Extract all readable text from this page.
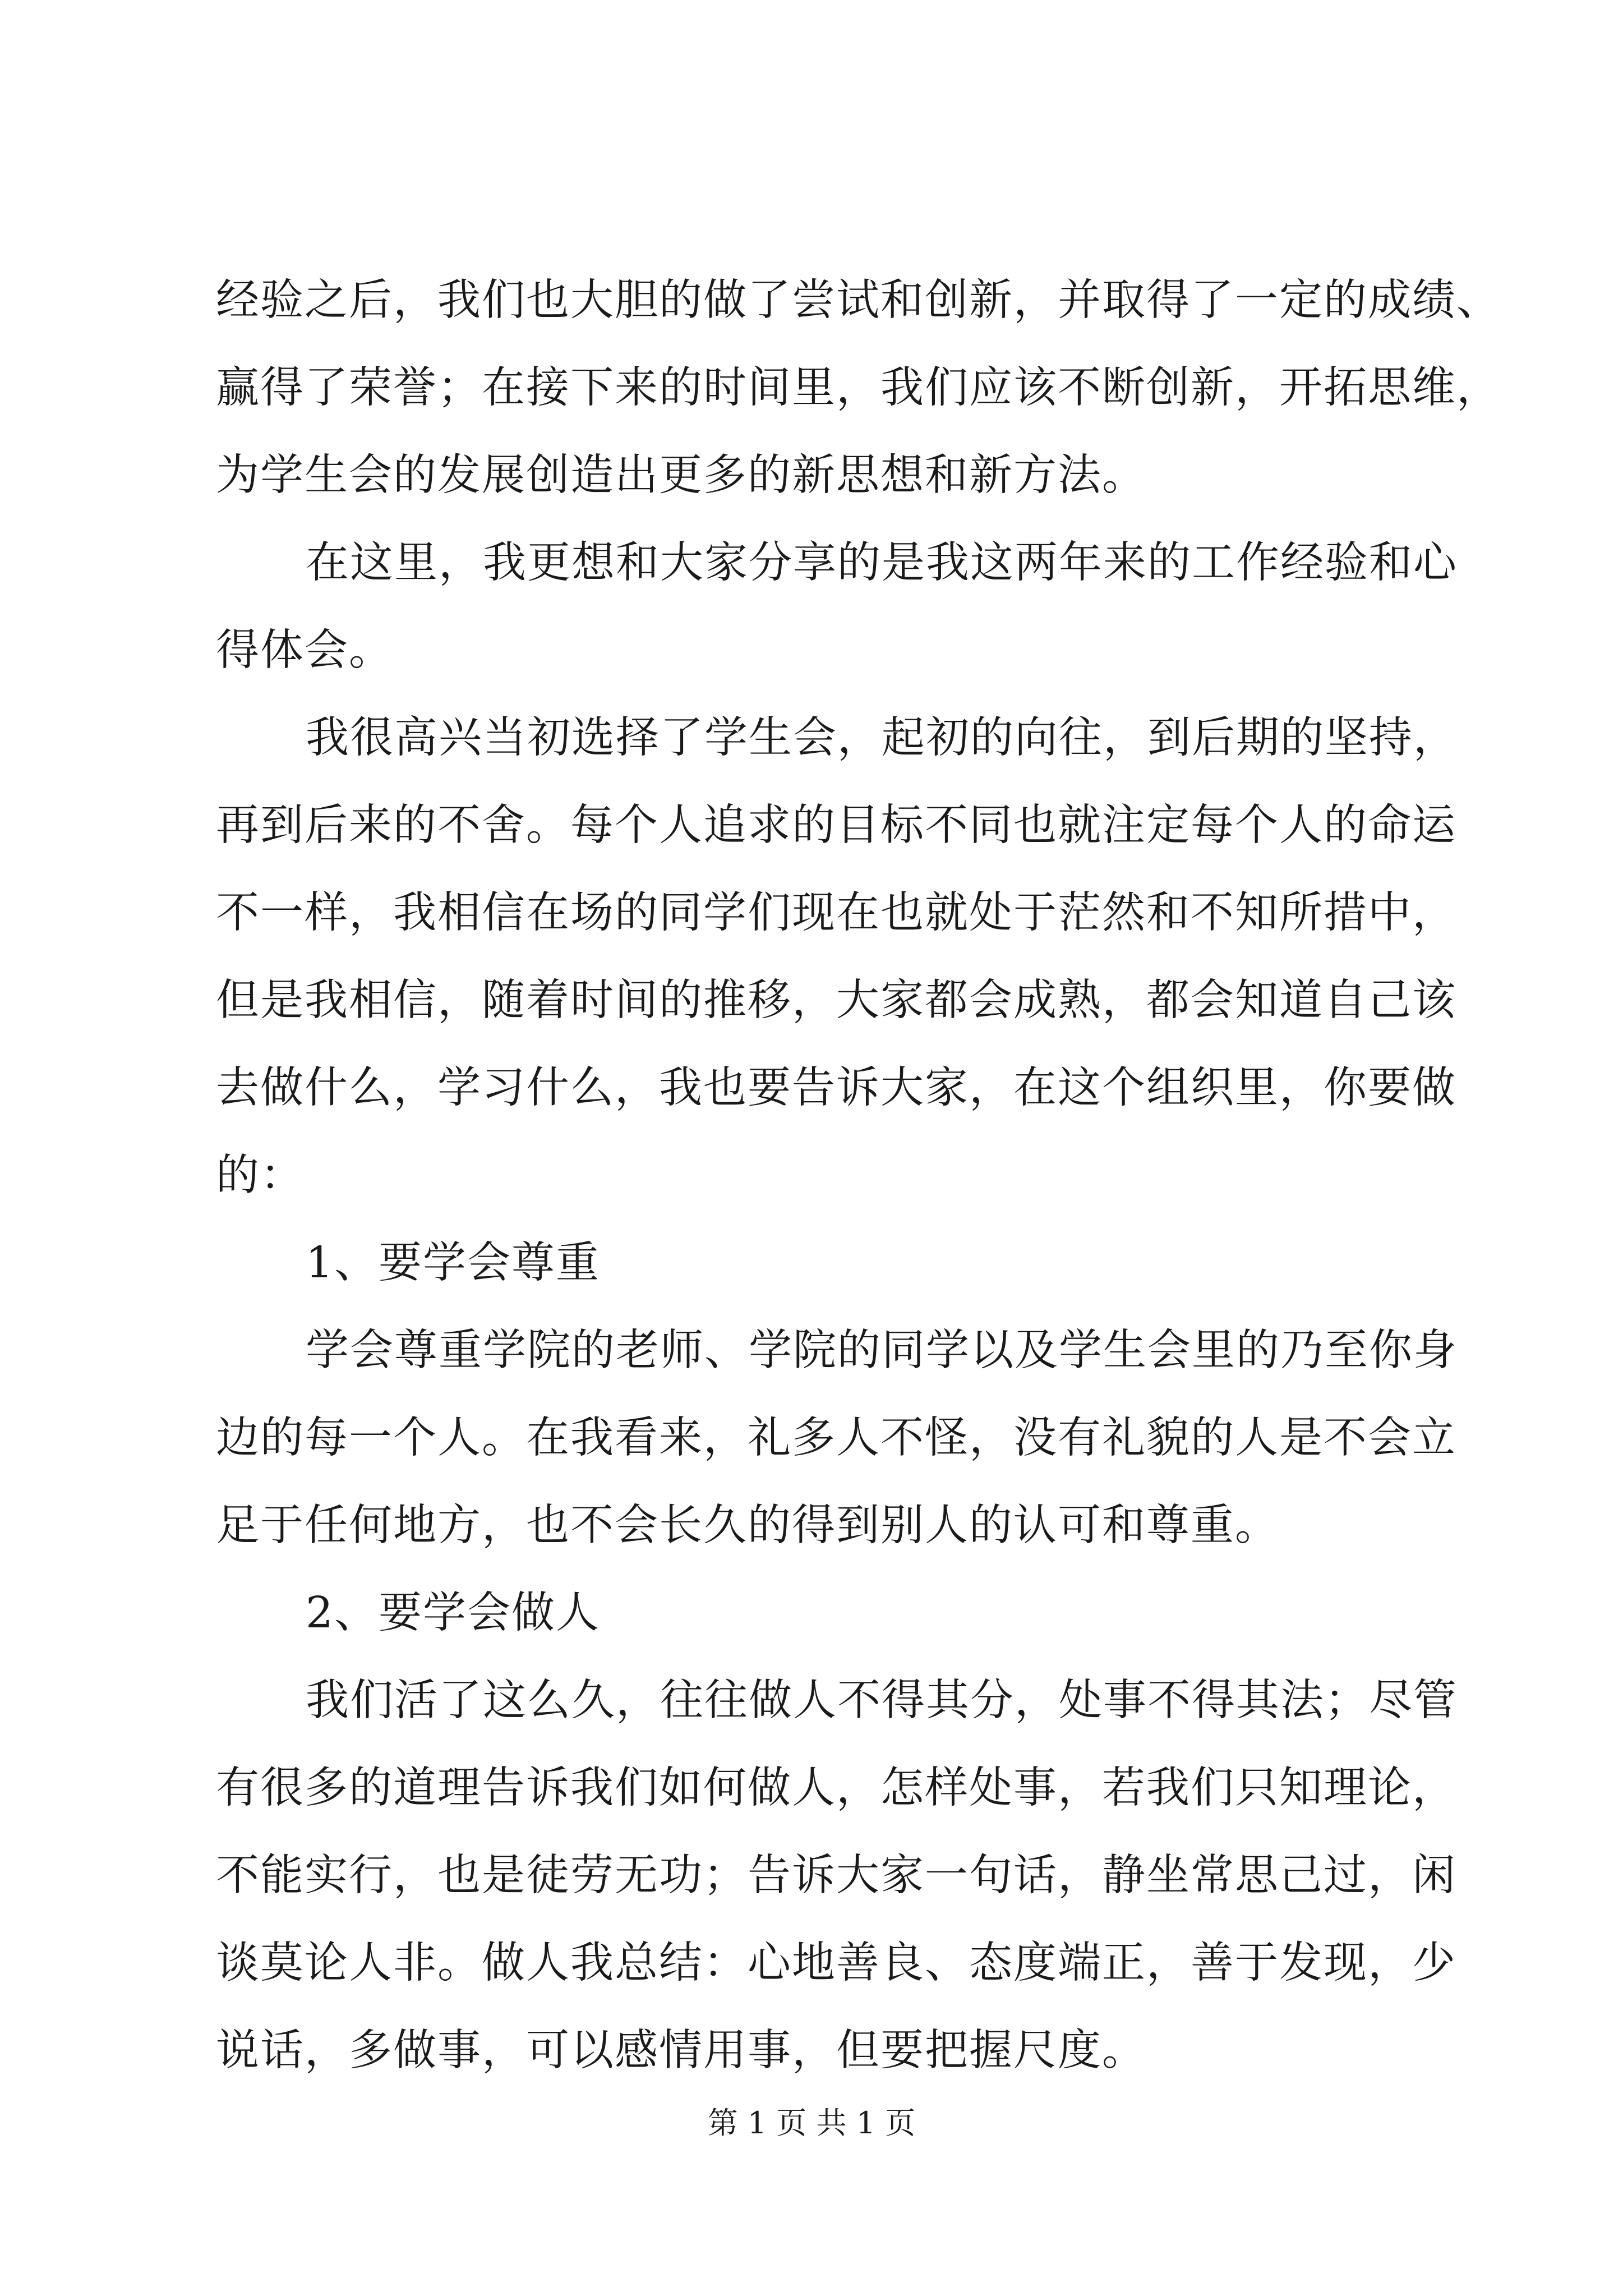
经验之后，我们也大胆的做了尝试和创新，并取得了一定的成绩、
赢得了荣誉；在接下来的时间里，我们应该不断创新，开拓思维，
为学生会的发展创造出更多的新思想和新方法。
在这里，我更想和大家分享的是我这两年来的工作经验和心
得体会。
我很高兴当初选择了学生会，起初的向往，到后期的坚持，
再到后来的不舍。每个人追求的目标不同也就注定每个人的命运
不一样，我相信在场的同学们现在也就处于茫然和不知所措中，
但是我相信，随着时间的推移，大家都会成熟，都会知道自己该
去做什么，学习什么，我也要告诉大家，在这个组织里，你要做
的：
1、要学会尊重
学会尊重学院的老师、学院的同学以及学生会里的乃至你身
边的每一个人。在我看来，礼多人不怪，没有礼貌的人是不会立
足于任何地方，也不会长久的得到别人的认可和尊重。
2、要学会做人
我们活了这么久，往往做人不得其分，处事不得其法；尽管
有很多的道理告诉我们如何做人，怎样处事，若我们只知理论，
不能实行，也是徒劳无功；告诉大家一句话，静坐常思己过，闲
谈莫论人非。做人我总结：心地善良、态度端正，善于发现，少
说话，多做事，可以感情用事，但要把握尺度。
第 1 页 共 1 页
